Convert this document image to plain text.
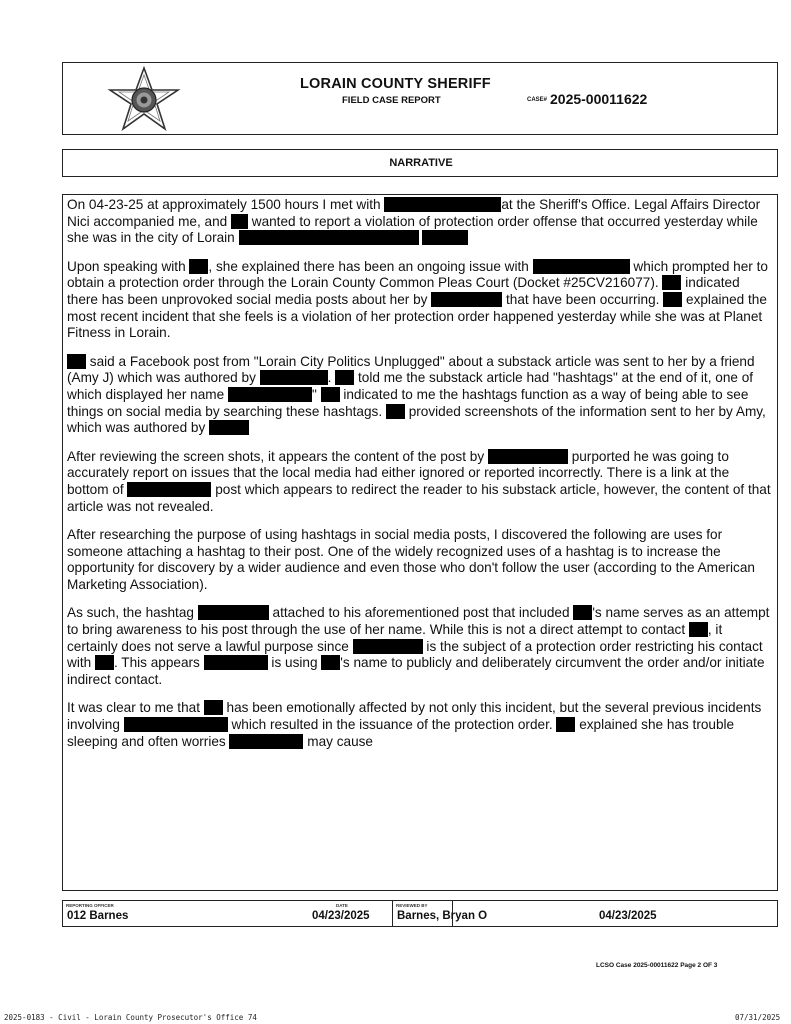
LORAIN COUNTY SHERIFF
FIELD CASE REPORT	CASE# 2025-00011622
NARRATIVE

On 04-23-25 at approximately 1500 hours I met with	at the Sheriff's Office. Legal Affairs Director Nici accompanied me, and wanted to report a violation of protection order offense that occurred yesterday while she was in the city of Lorain

Upon speaking with , she explained there has been an ongoing issue with	which prompted her to obtain a protection order through the Lorain County Common Pleas Court (Docket #25CV216077). indicated there has been unprovoked social media posts about her by	that have been occurring. explained the most recent incident that she feels is a violation of her protection order happened yesterday while she was at Planet Fitness in Lorain.

said a Facebook post from "Lorain City Politics Unplugged" about a substack article was sent to her by a friend (Amy J) which was authored by	. told me the substack article had "hashtags" at the end of it, one of which displayed her name	" indicated to me the hashtags function as a way of being able to see things on social media by searching these hashtags. provided screenshots of the information sent to her by Amy, which was authored by

After reviewing the screen shots, it appears the content of the post by	purported he was going to accurately report on issues that the local media had either ignored or reported incorrectly. There is a link at the bottom of	post which appears to redirect the reader to his substack article, however, the content of that article was not revealed.

After researching the purpose of using hashtags in social media posts, I discovered the following are uses for someone attaching a hashtag to their post. One of the widely recognized uses of a hashtag is to increase the opportunity for discovery by a wider audience and even those who don't follow the user (according to the American Marketing Association).

As such, the hashtag	attached to his aforementioned post that included 's name serves as an attempt to bring awareness to his post through the use of her name. While this is not a direct attempt to contact , it certainly does not serve a lawful purpose since	is the subject of a protection order restricting his contact with . This appears	is using 's name to publicly and deliberately circumvent the order and/or initiate indirect contact.

It was clear to me that has been emotionally affected by not only this incident, but the several previous incidents involving	which resulted in the issuance of the protection order. explained she has trouble sleeping and often worries	may cause

REPORTING OFFICER	DATE	REVIEWED BY
012 Barnes	04/23/2025 Barnes, Bryan O	04/23/2025
LCSO Case 2025-00011622 Page 2 OF 3
2025-0183 - Civil - Lorain County Prosecutor's Office 74	07/31/2025
